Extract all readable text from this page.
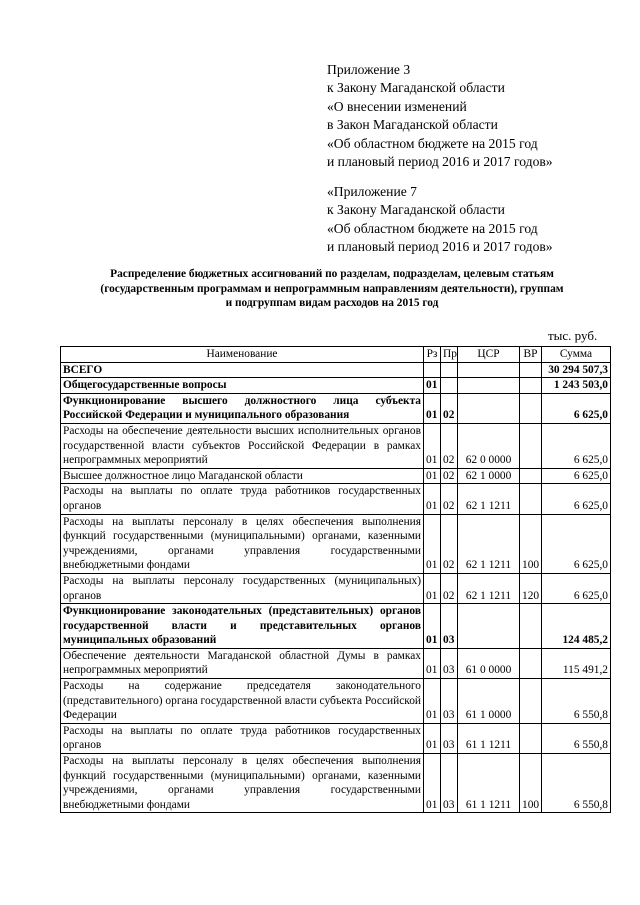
Приложение 3
к Закону Магаданской области
«О внесении изменений
в Закон Магаданской области
«Об областном бюджете на 2015 год
и плановый период 2016 и 2017 годов»
«Приложение 7
к Закону Магаданской области
«Об областном бюджете на 2015 год
и плановый период 2016 и 2017 годов»
Распределение бюджетных ассигнований по разделам, подразделам, целевым статьям
(государственным программам и непрограммным направлениям деятельности), группам
и подгруппам видам расходов на 2015 год
тыс. руб.
Наименование	Рз	Пр	ЦСР	ВР	Сумма
ВСЕГО					30 294 507,3
Общегосударственные вопросы	01				1 243 503,0
Функционирование высшего должностного лица субъекта Российской Федерации и муниципального образования	01	02			6 625,0
Расходы на обеспечение деятельности высших исполнительных органов государственной власти субъектов Российской Федерации в рамках непрограммных мероприятий	01	02	62 0 0000		6 625,0
Высшее должностное лицо Магаданской области	01	02	62 1 0000		6 625,0
Расходы на выплаты по оплате труда работников государственных органов	01	02	62 1 1211		6 625,0
Расходы на выплаты персоналу в целях обеспечения выполнения функций государственными (муниципальными) органами, казенными учреждениями, органами управления государственными внебюджетными фондами	01	02	62 1 1211	100	6 625,0
Расходы на выплаты персоналу государственных (муниципальных) органов	01	02	62 1 1211	120	6 625,0
Функционирование законодательных (представительных) органов государственной власти и представительных органов муниципальных образований	01	03			124 485,2
Обеспечение деятельности Магаданской областной Думы в рамках непрограммных мероприятий	01	03	61 0 0000		115 491,2
Расходы на содержание председателя законодательного (представительного) органа государственной власти субъекта Российской Федерации	01	03	61 1 0000		6 550,8
Расходы на выплаты по оплате труда работников государственных органов	01	03	61 1 1211		6 550,8
Расходы на выплаты персоналу в целях обеспечения выполнения функций государственными (муниципальными) органами, казенными учреждениями, органами управления государственными внебюджетными фондами	01	03	61 1 1211	100	6 550,8
